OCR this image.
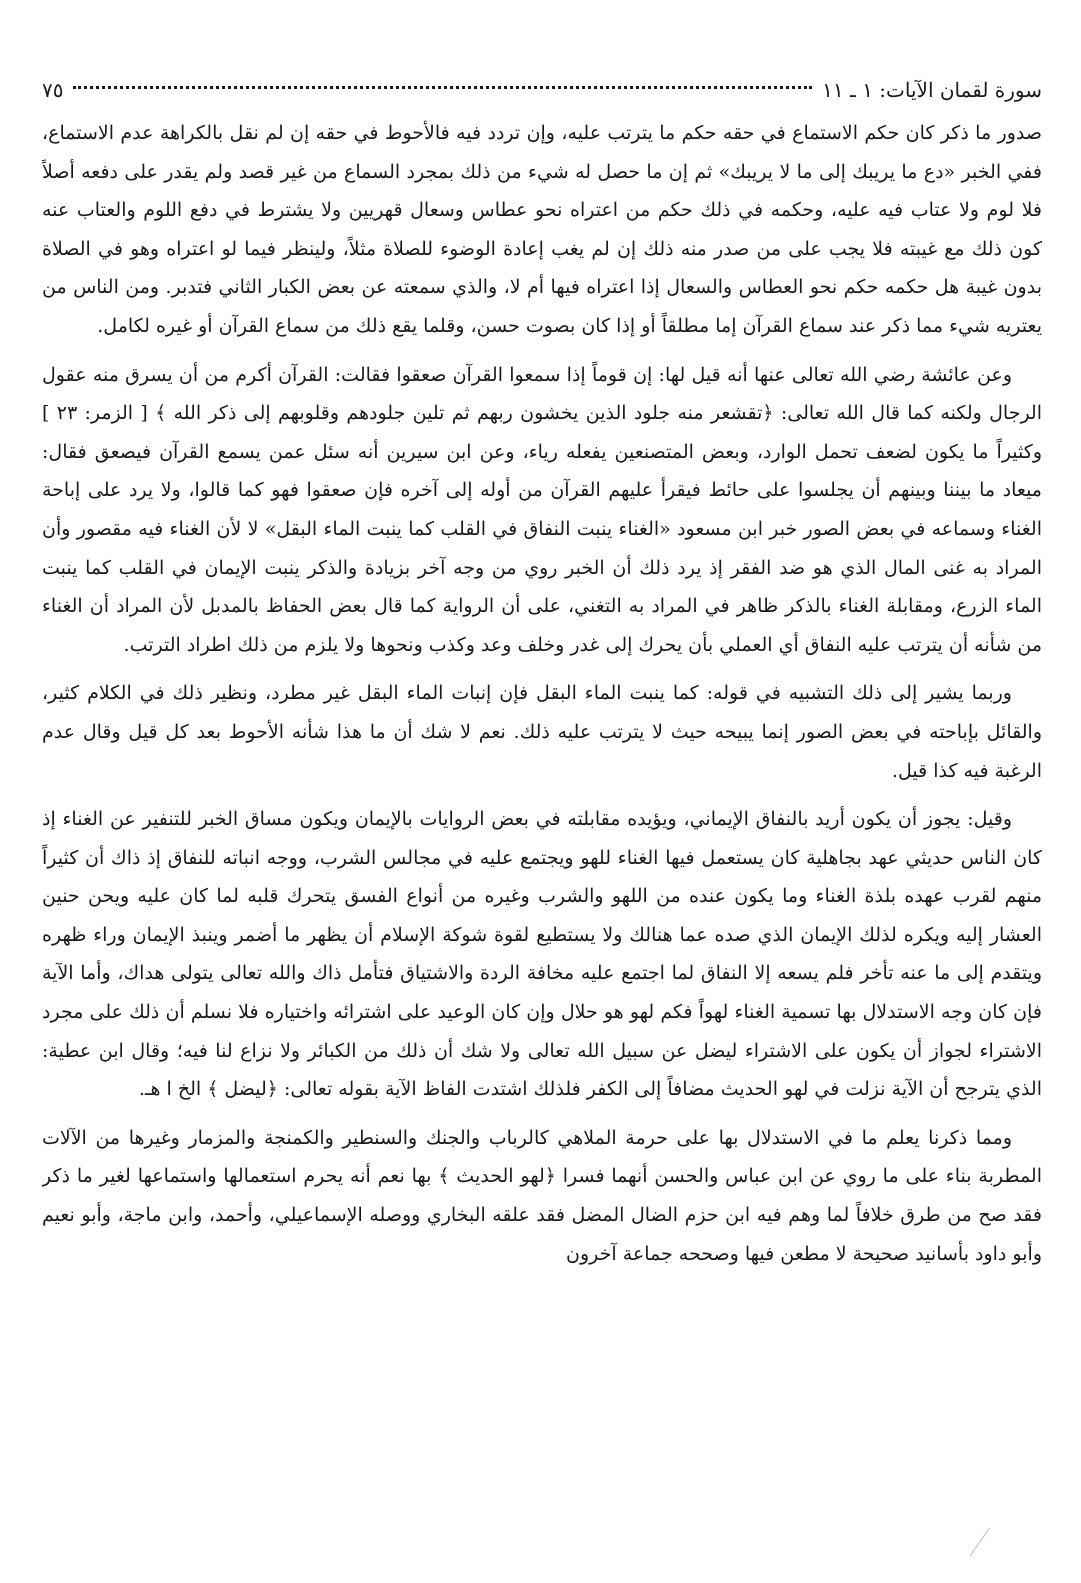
سورة لقمان الآيات: ١ ـ ١١
٧٥

صدور ما ذكر كان حكم الاستماع في حقه حكم ما يترتب عليه، وإن تردد فيه فالأحوط في حقه إن لم نقل بالكراهة عدم الاستماع، ففي الخبر «دع ما يريبك إلى ما لا يريبك» ثم إن ما حصل له شيء من ذلك بمجرد السماع من غير قصد ولم يقدر على دفعه أصلاً فلا لوم ولا عتاب فيه عليه، وحكمه في ذلك حكم من اعتراه نحو عطاس وسعال قهريين ولا يشترط في دفع اللوم والعتاب عنه كون ذلك مع غيبته فلا يجب على من صدر منه ذلك إن لم يغب إعادة الوضوء للصلاة مثلاً، ولينظر فيما لو اعتراه وهو في الصلاة بدون غيبة هل حكمه حكم نحو العطاس والسعال إذا اعتراه فيها أم لا، والذي سمعته عن بعض الكبار الثاني فتدبر. ومن الناس من يعتريه شيء مما ذكر عند سماع القرآن إما مطلقاً أو إذا كان بصوت حسن، وقلما يقع ذلك من سماع القرآن أو غيره لكامل.

وعن عائشة رضي الله تعالى عنها أنه قيل لها: إن قوماً إذا سمعوا القرآن صعقوا فقالت: القرآن أكرم من أن يسرق منه عقول الرجال ولكنه كما قال الله تعالى: ﴿تقشعر منه جلود الذين يخشون ربهم ثم تلين جلودهم وقلوبهم إلى ذكر الله ﴾ [ الزمر: ٢٣ ] وكثيراً ما يكون لضعف تحمل الوارد، وبعض المتصنعين يفعله رياء، وعن ابن سيرين أنه سئل عمن يسمع القرآن فيصعق فقال: ميعاد ما بيننا وبينهم أن يجلسوا على حائط فيقرأ عليهم القرآن من أوله إلى آخره فإن صعقوا فهو كما قالوا، ولا يرد على إباحة الغناء وسماعه في بعض الصور خبر ابن مسعود «الغناء ينبت النفاق في القلب كما ينبت الماء البقل» لا لأن الغناء فيه مقصور وأن المراد به غنى المال الذي هو ضد الفقر إذ يرد ذلك أن الخبر روي من وجه آخر بزيادة والذكر ينبت الإيمان في القلب كما ينبت الماء الزرع، ومقابلة الغناء بالذكر ظاهر في المراد به التغني، على أن الرواية كما قال بعض الحفاظ بالمدبل لأن المراد أن الغناء من شأنه أن يترتب عليه النفاق أي العملي بأن يحرك إلى غدر وخلف وعد وكذب ونحوها ولا يلزم من ذلك اطراد الترتب.

وربما يشير إلى ذلك التشبيه في قوله: كما ينبت الماء البقل فإن إنبات الماء البقل غير مطرد، ونظير ذلك في الكلام كثير، والقائل بإباحته في بعض الصور إنما يبيحه حيث لا يترتب عليه ذلك. نعم لا شك أن ما هذا شأنه الأحوط بعد كل قيل وقال عدم الرغبة فيه كذا قيل.

وقيل: يجوز أن يكون أريد بالنفاق الإيماني، ويؤيده مقابلته في بعض الروايات بالإيمان ويكون مساق الخبر للتنفير عن الغناء إذ كان الناس حديثي عهد بجاهلية كان يستعمل فيها الغناء للهو ويجتمع عليه في مجالس الشرب، ووجه انباته للنفاق إذ ذاك أن كثيراً منهم لقرب عهده بلذة الغناء وما يكون عنده من اللهو والشرب وغيره من أنواع الفسق يتحرك قلبه لما كان عليه ويحن حنين العشار إليه ويكره لذلك الإيمان الذي صده عما هنالك ولا يستطيع لقوة شوكة الإسلام أن يظهر ما أضمر وينبذ الإيمان وراء ظهره ويتقدم إلى ما عنه تأخر فلم يسعه إلا النفاق لما اجتمع عليه مخافة الردة والاشتياق فتأمل ذاك والله تعالى يتولى هداك، وأما الآية فإن كان وجه الاستدلال بها تسمية الغناء لهواً فكم لهو هو حلال وإن كان الوعيد على اشترائه واختياره فلا نسلم أن ذلك على مجرد الاشتراء لجواز أن يكون على الاشتراء ليضل عن سبيل الله تعالى ولا شك أن ذلك من الكبائر ولا نزاع لنا فيه؛ وقال ابن عطية: الذي يترجح أن الآية نزلت في لهو الحديث مضافاً إلى الكفر فلذلك اشتدت الفاظ الآية بقوله تعالى: ﴿ليضل ﴾ الخ ا هـ.

ومما ذكرنا يعلم ما في الاستدلال بها على حرمة الملاهي كالرباب والجنك والسنطير والكمنجة والمزمار وغيرها من الآلات المطربة بناء على ما روي عن ابن عباس والحسن أنهما فسرا ﴿لهو الحديث ﴾ بها نعم أنه يحرم استعمالها واستماعها لغير ما ذكر فقد صح من طرق خلافاً لما وهم فيه ابن حزم الضال المضل فقد علقه البخاري ووصله الإسماعيلي، وأحمد، وابن ماجة، وأبو نعيم وأبو داود بأسانيد صحيحة لا مطعن فيها وصححه جماعة آخرون
